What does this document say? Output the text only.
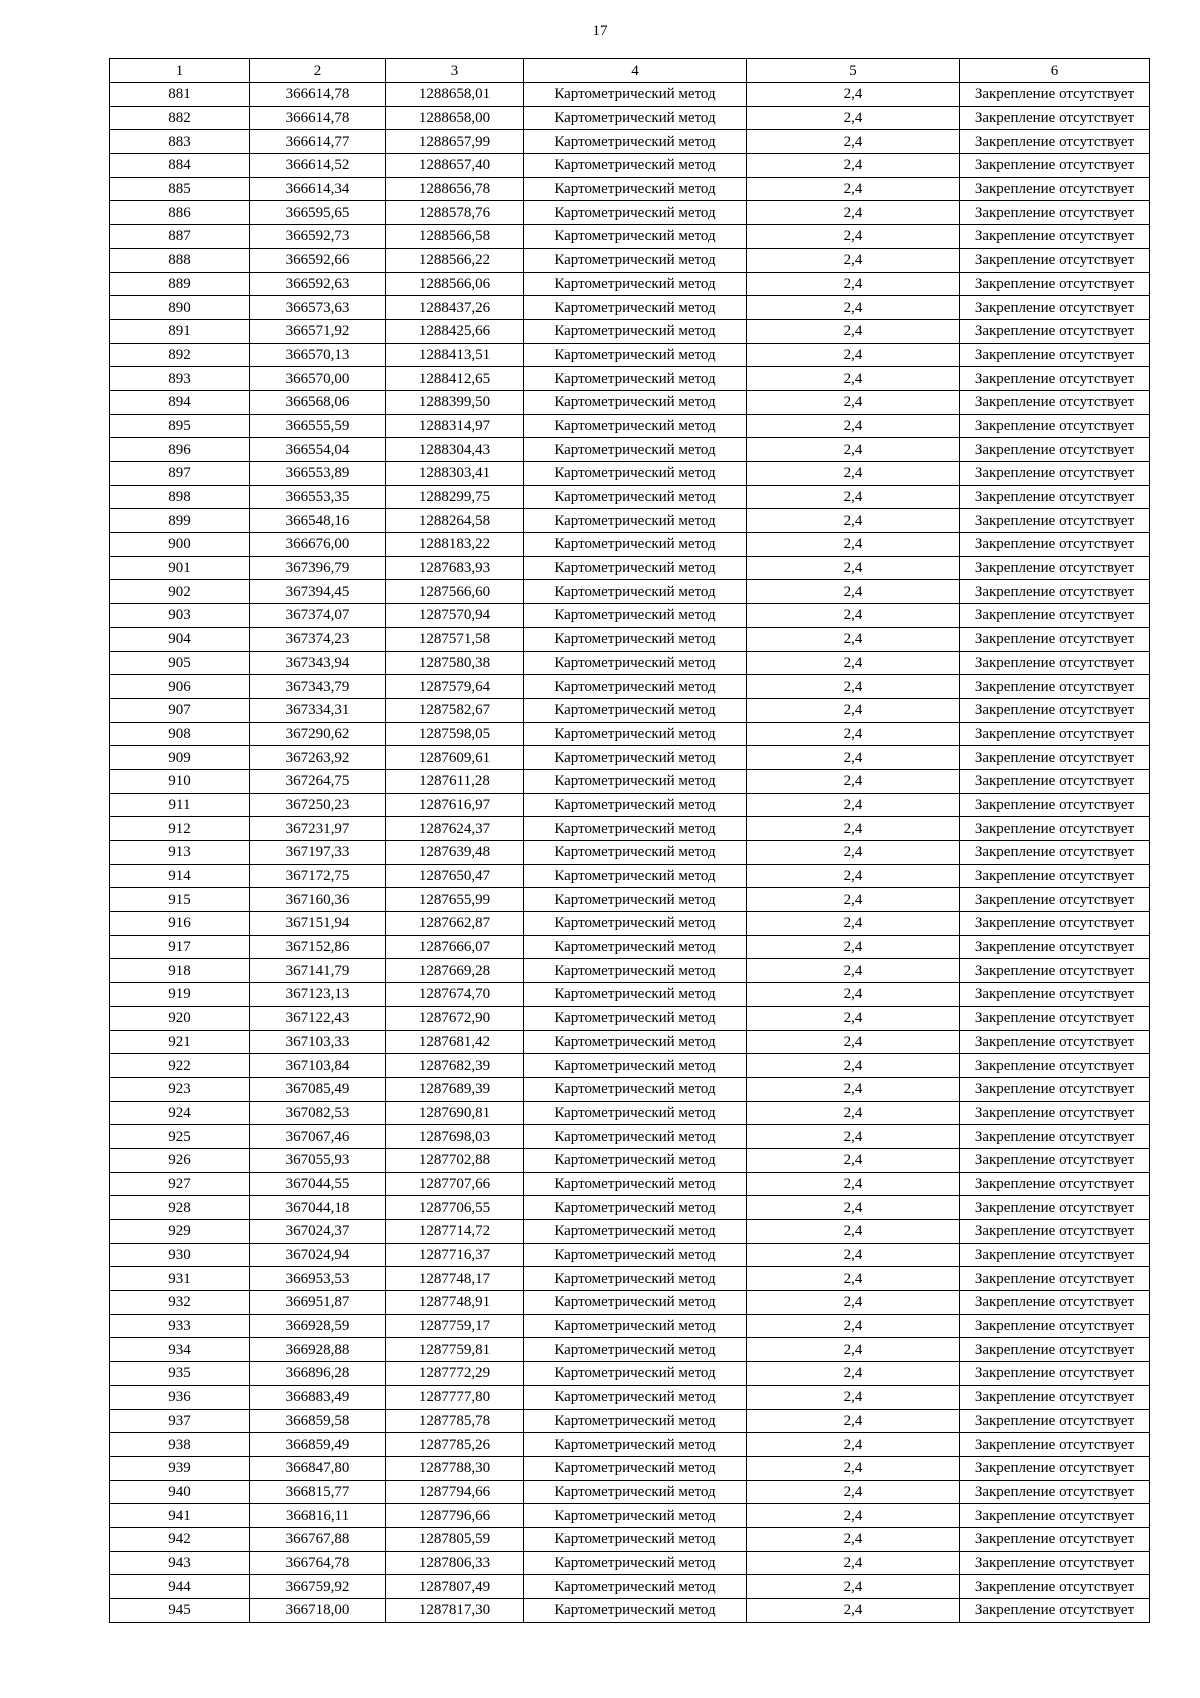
17
1	2	3	4	5	6
881	366614,78	1288658,01	Картометрический метод	2,4	Закрепление отсутствует
882	366614,78	1288658,00	Картометрический метод	2,4	Закрепление отсутствует
883	366614,77	1288657,99	Картометрический метод	2,4	Закрепление отсутствует
884	366614,52	1288657,40	Картометрический метод	2,4	Закрепление отсутствует
885	366614,34	1288656,78	Картометрический метод	2,4	Закрепление отсутствует
886	366595,65	1288578,76	Картометрический метод	2,4	Закрепление отсутствует
887	366592,73	1288566,58	Картометрический метод	2,4	Закрепление отсутствует
888	366592,66	1288566,22	Картометрический метод	2,4	Закрепление отсутствует
889	366592,63	1288566,06	Картометрический метод	2,4	Закрепление отсутствует
890	366573,63	1288437,26	Картометрический метод	2,4	Закрепление отсутствует
891	366571,92	1288425,66	Картометрический метод	2,4	Закрепление отсутствует
892	366570,13	1288413,51	Картометрический метод	2,4	Закрепление отсутствует
893	366570,00	1288412,65	Картометрический метод	2,4	Закрепление отсутствует
894	366568,06	1288399,50	Картометрический метод	2,4	Закрепление отсутствует
895	366555,59	1288314,97	Картометрический метод	2,4	Закрепление отсутствует
896	366554,04	1288304,43	Картометрический метод	2,4	Закрепление отсутствует
897	366553,89	1288303,41	Картометрический метод	2,4	Закрепление отсутствует
898	366553,35	1288299,75	Картометрический метод	2,4	Закрепление отсутствует
899	366548,16	1288264,58	Картометрический метод	2,4	Закрепление отсутствует
900	366676,00	1288183,22	Картометрический метод	2,4	Закрепление отсутствует
901	367396,79	1287683,93	Картометрический метод	2,4	Закрепление отсутствует
902	367394,45	1287566,60	Картометрический метод	2,4	Закрепление отсутствует
903	367374,07	1287570,94	Картометрический метод	2,4	Закрепление отсутствует
904	367374,23	1287571,58	Картометрический метод	2,4	Закрепление отсутствует
905	367343,94	1287580,38	Картометрический метод	2,4	Закрепление отсутствует
906	367343,79	1287579,64	Картометрический метод	2,4	Закрепление отсутствует
907	367334,31	1287582,67	Картометрический метод	2,4	Закрепление отсутствует
908	367290,62	1287598,05	Картометрический метод	2,4	Закрепление отсутствует
909	367263,92	1287609,61	Картометрический метод	2,4	Закрепление отсутствует
910	367264,75	1287611,28	Картометрический метод	2,4	Закрепление отсутствует
911	367250,23	1287616,97	Картометрический метод	2,4	Закрепление отсутствует
912	367231,97	1287624,37	Картометрический метод	2,4	Закрепление отсутствует
913	367197,33	1287639,48	Картометрический метод	2,4	Закрепление отсутствует
914	367172,75	1287650,47	Картометрический метод	2,4	Закрепление отсутствует
915	367160,36	1287655,99	Картометрический метод	2,4	Закрепление отсутствует
916	367151,94	1287662,87	Картометрический метод	2,4	Закрепление отсутствует
917	367152,86	1287666,07	Картометрический метод	2,4	Закрепление отсутствует
918	367141,79	1287669,28	Картометрический метод	2,4	Закрепление отсутствует
919	367123,13	1287674,70	Картометрический метод	2,4	Закрепление отсутствует
920	367122,43	1287672,90	Картометрический метод	2,4	Закрепление отсутствует
921	367103,33	1287681,42	Картометрический метод	2,4	Закрепление отсутствует
922	367103,84	1287682,39	Картометрический метод	2,4	Закрепление отсутствует
923	367085,49	1287689,39	Картометрический метод	2,4	Закрепление отсутствует
924	367082,53	1287690,81	Картометрический метод	2,4	Закрепление отсутствует
925	367067,46	1287698,03	Картометрический метод	2,4	Закрепление отсутствует
926	367055,93	1287702,88	Картометрический метод	2,4	Закрепление отсутствует
927	367044,55	1287707,66	Картометрический метод	2,4	Закрепление отсутствует
928	367044,18	1287706,55	Картометрический метод	2,4	Закрепление отсутствует
929	367024,37	1287714,72	Картометрический метод	2,4	Закрепление отсутствует
930	367024,94	1287716,37	Картометрический метод	2,4	Закрепление отсутствует
931	366953,53	1287748,17	Картометрический метод	2,4	Закрепление отсутствует
932	366951,87	1287748,91	Картометрический метод	2,4	Закрепление отсутствует
933	366928,59	1287759,17	Картометрический метод	2,4	Закрепление отсутствует
934	366928,88	1287759,81	Картометрический метод	2,4	Закрепление отсутствует
935	366896,28	1287772,29	Картометрический метод	2,4	Закрепление отсутствует
936	366883,49	1287777,80	Картометрический метод	2,4	Закрепление отсутствует
937	366859,58	1287785,78	Картометрический метод	2,4	Закрепление отсутствует
938	366859,49	1287785,26	Картометрический метод	2,4	Закрепление отсутствует
939	366847,80	1287788,30	Картометрический метод	2,4	Закрепление отсутствует
940	366815,77	1287794,66	Картометрический метод	2,4	Закрепление отсутствует
941	366816,11	1287796,66	Картометрический метод	2,4	Закрепление отсутствует
942	366767,88	1287805,59	Картометрический метод	2,4	Закрепление отсутствует
943	366764,78	1287806,33	Картометрический метод	2,4	Закрепление отсутствует
944	366759,92	1287807,49	Картометрический метод	2,4	Закрепление отсутствует
945	366718,00	1287817,30	Картометрический метод	2,4	Закрепление отсутствует
